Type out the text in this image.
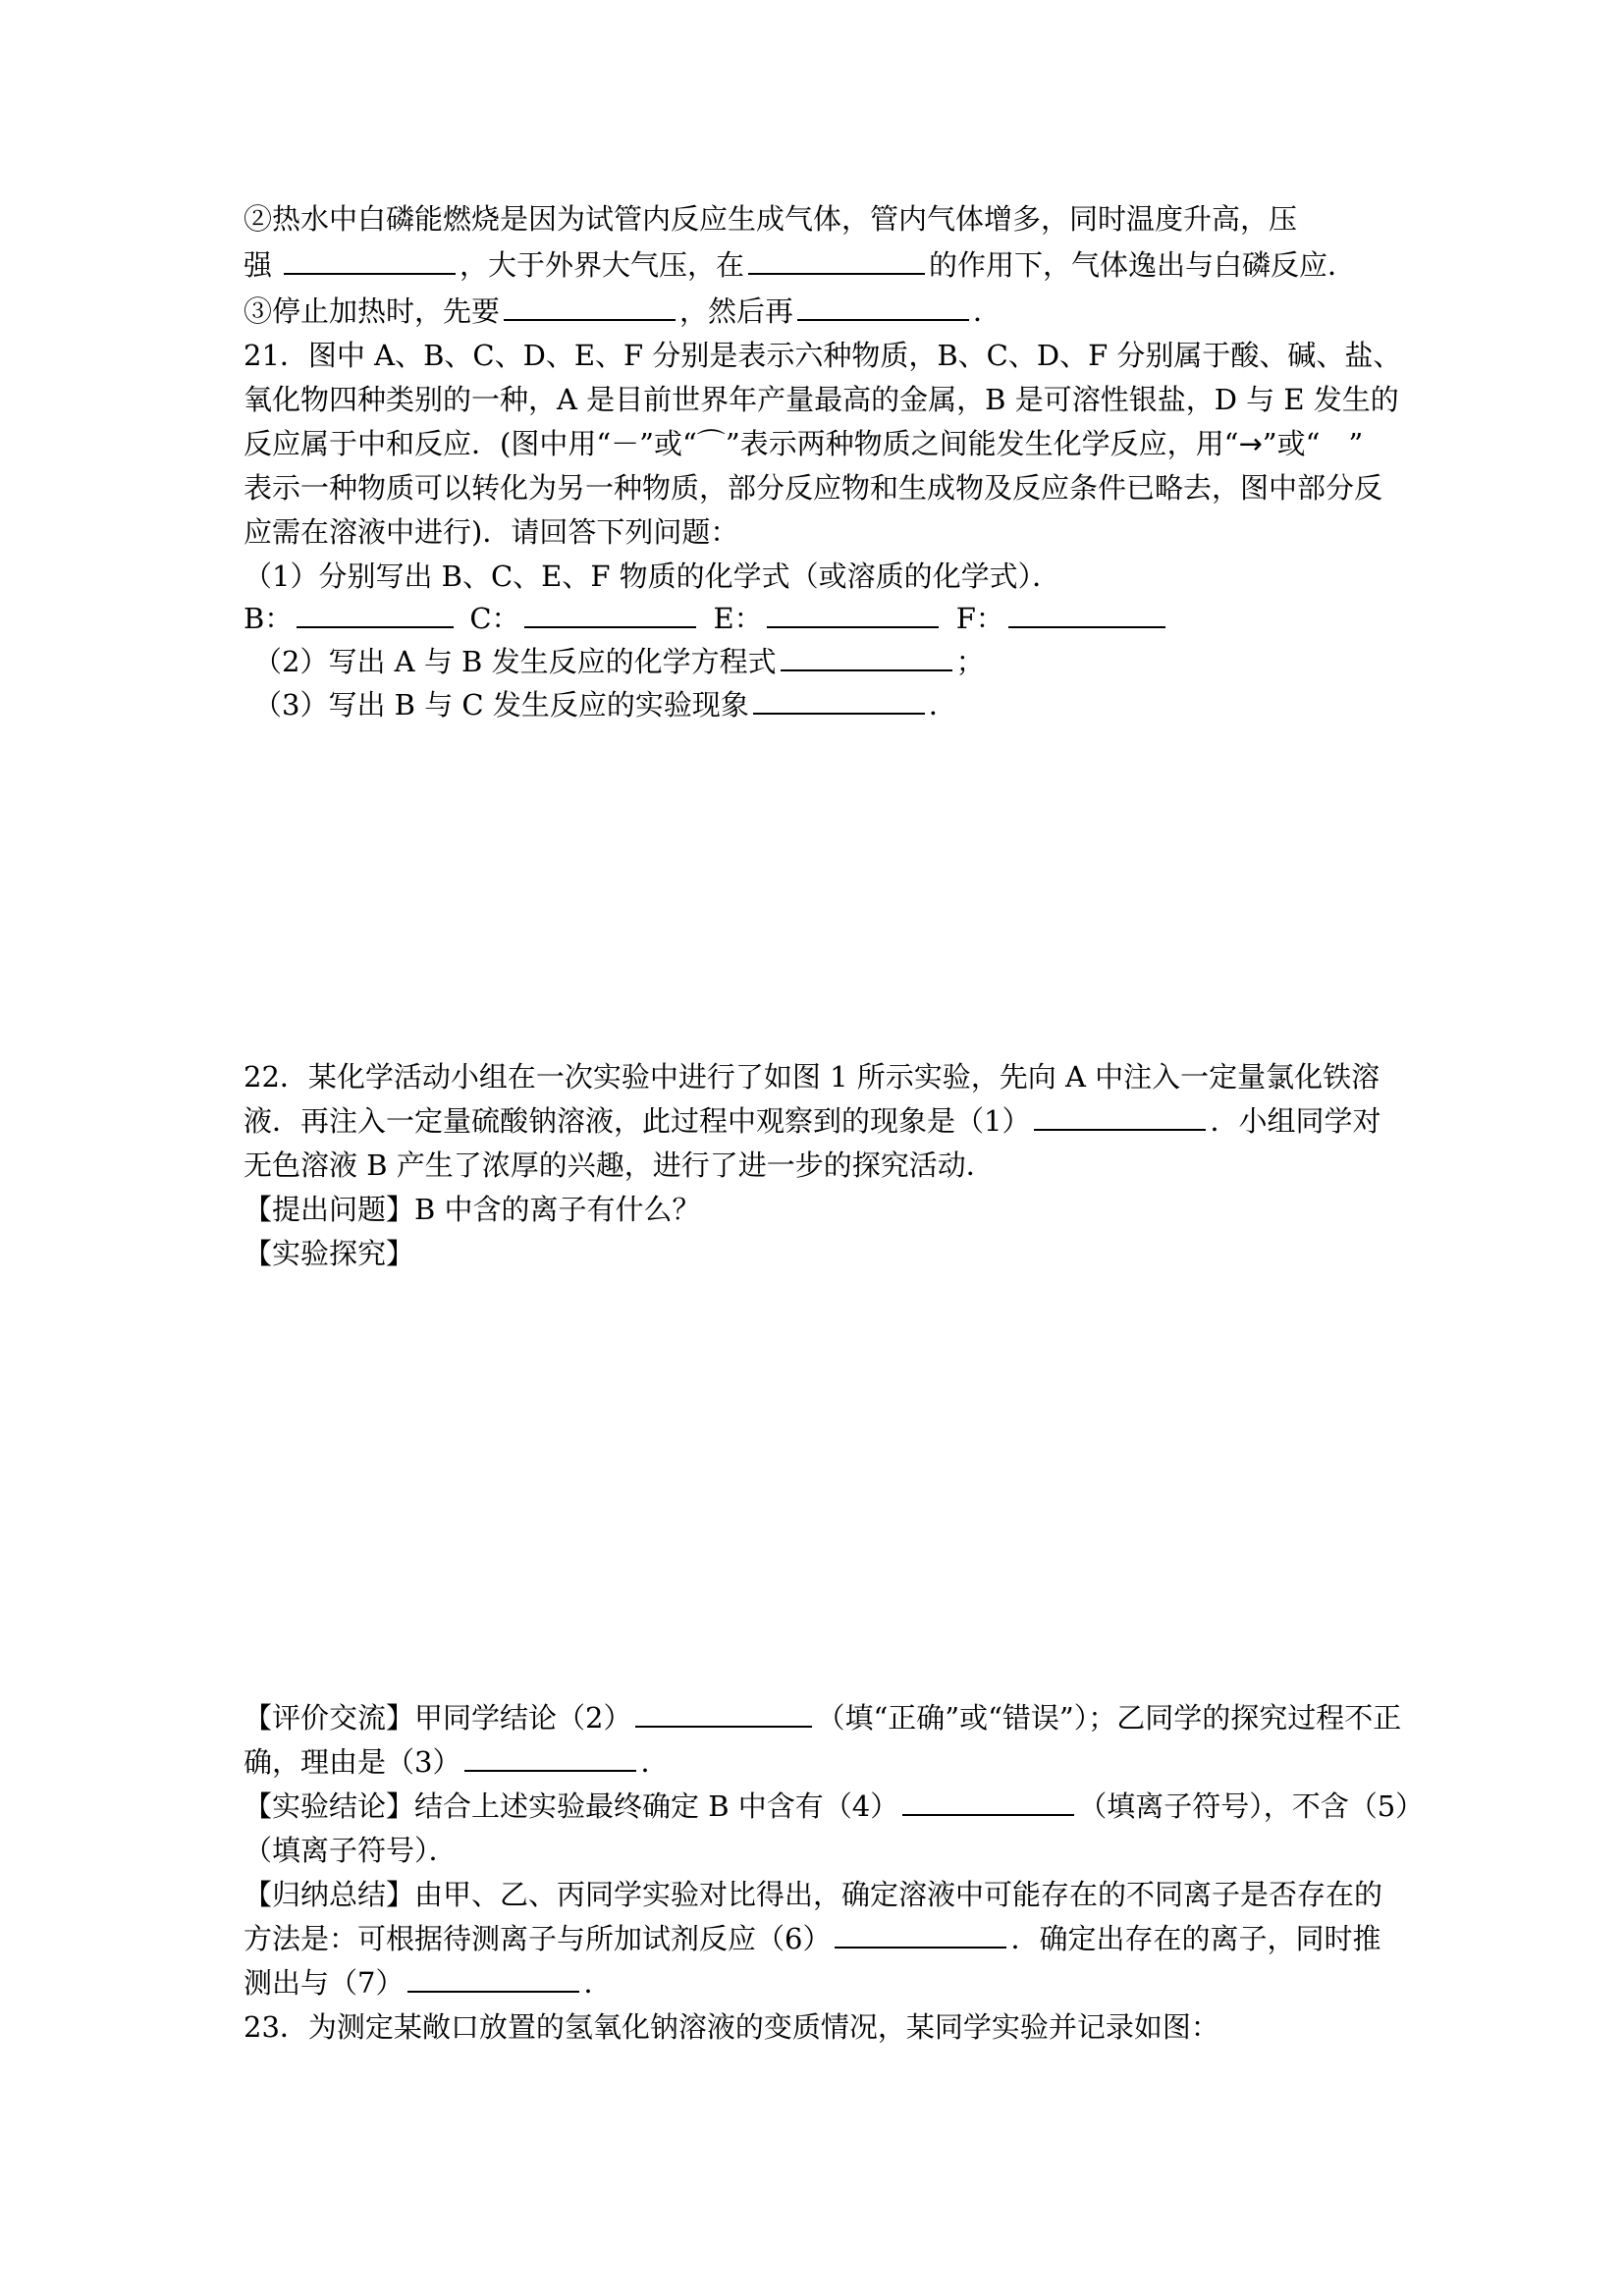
②热水中白磷能燃烧是因为试管内反应生成气体，管内气体增多，同时温度升高，压
强	，大于外界大气压，在	的作用下，气体逸出与白磷反应．
③停止加热时，先要	，然后再	．
21．图中 A、B、C、D、E、F 分别是表示六种物质，B、C、D、F 分别属于酸、碱、盐、
氧化物四种类别的一种，A 是目前世界年产量最高的金属，B 是可溶性银盐，D 与 E 发生的
反应属于中和反应．(图中用“－”或“⌒”表示两种物质之间能发生化学反应，用“→”或“　”
表示一种物质可以转化为另一种物质，部分反应物和生成物及反应条件已略去，图中部分反
应需在溶液中进行)．请回答下列问题：
（1）分别写出 B、C、E、F 物质的化学式（或溶质的化学式）．
B：	C：	E：	F：
（2）写出 A 与 B 发生反应的化学方程式	；
（3）写出 B 与 C 发生反应的实验现象	．
22．某化学活动小组在一次实验中进行了如图 1 所示实验，先向 A 中注入一定量氯化铁溶
液．再注入一定量硫酸钠溶液，此过程中观察到的现象是（1）	．小组同学对
无色溶液 B 产生了浓厚的兴趣，进行了进一步的探究活动．
【提出问题】B 中含的离子有什么？
【实验探究】
【评价交流】甲同学结论（2）	（填“正确”或“错误”）；乙同学的探究过程不正
确，理由是（3）	．
【实验结论】结合上述实验最终确定 B 中含有（4）	（填离子符号），不含（5）
（填离子符号）．
【归纳总结】由甲、乙、丙同学实验对比得出，确定溶液中可能存在的不同离子是否存在的
方法是：可根据待测离子与所加试剂反应（6）	．确定出存在的离子，同时推
测出与（7）	．
23．为测定某敞口放置的氢氧化钠溶液的变质情况，某同学实验并记录如图：
